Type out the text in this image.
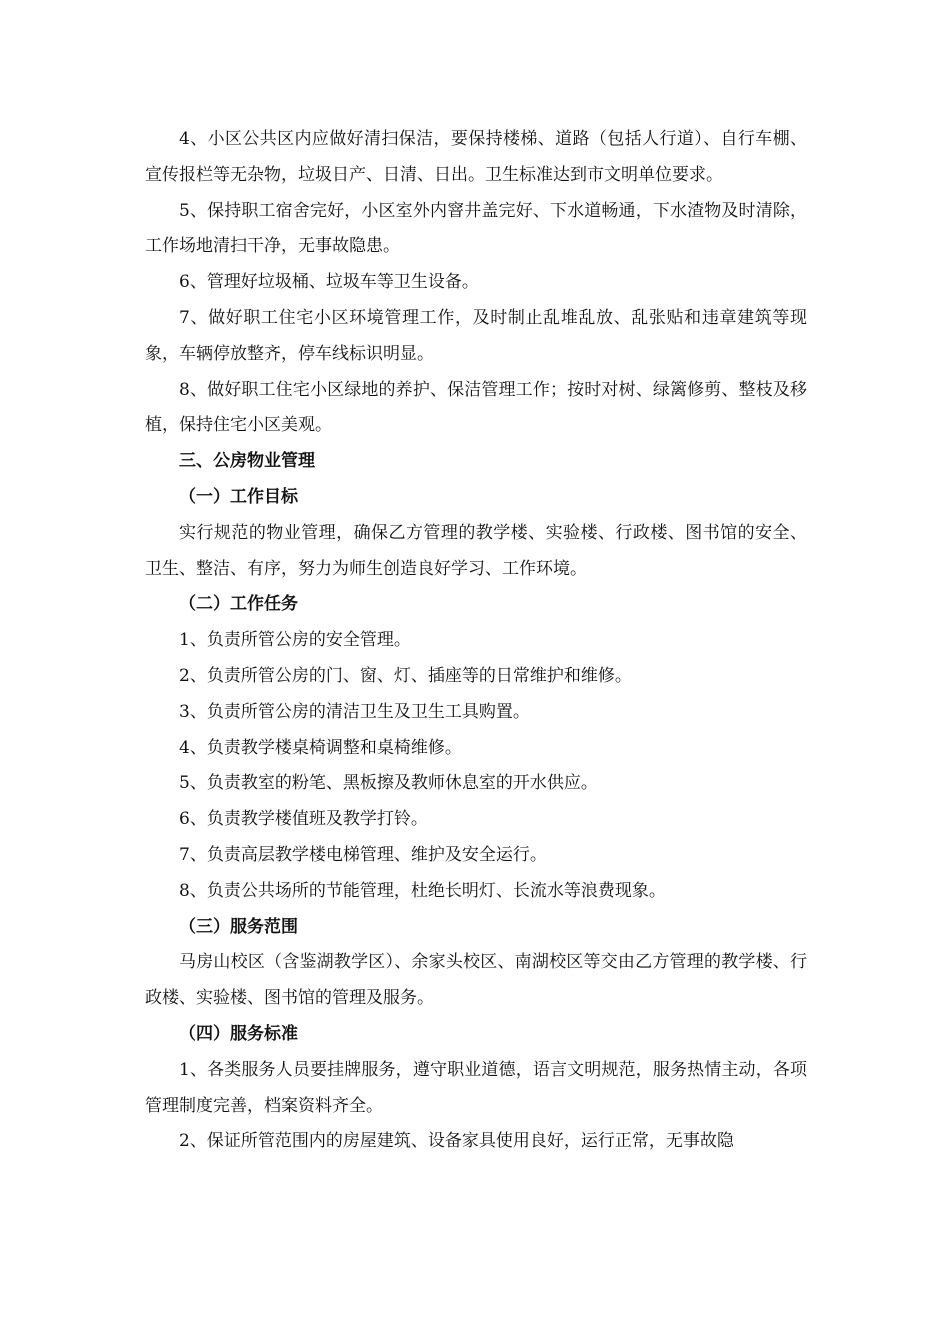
4、小区公共区内应做好清扫保洁，要保持楼梯、道路（包括人行道）、自行车棚、宣传报栏等无杂物，垃圾日产、日清、日出。卫生标准达到市文明单位要求。

5、保持职工宿舍完好，小区室外内窨井盖完好、下水道畅通，下水渣物及时清除，工作场地清扫干净，无事故隐患。

6、管理好垃圾桶、垃圾车等卫生设备。

7、做好职工住宅小区环境管理工作，及时制止乱堆乱放、乱张贴和违章建筑等现象，车辆停放整齐，停车线标识明显。

8、做好职工住宅小区绿地的养护、保洁管理工作；按时对树、绿篱修剪、整枝及移植，保持住宅小区美观。

三、公房物业管理

（一）工作目标

实行规范的物业管理，确保乙方管理的教学楼、实验楼、行政楼、图书馆的安全、卫生、整洁、有序，努力为师生创造良好学习、工作环境。

（二）工作任务

1、负责所管公房的安全管理。

2、负责所管公房的门、窗、灯、插座等的日常维护和维修。

3、负责所管公房的清洁卫生及卫生工具购置。

4、负责教学楼桌椅调整和桌椅维修。

5、负责教室的粉笔、黑板擦及教师休息室的开水供应。

6、负责教学楼值班及教学打铃。

7、负责高层教学楼电梯管理、维护及安全运行。

8、负责公共场所的节能管理，杜绝长明灯、长流水等浪费现象。

（三）服务范围

马房山校区（含鉴湖教学区）、余家头校区、南湖校区等交由乙方管理的教学楼、行政楼、实验楼、图书馆的管理及服务。

（四）服务标准

1、各类服务人员要挂牌服务，遵守职业道德，语言文明规范，服务热情主动，各项管理制度完善，档案资料齐全。

2、保证所管范围内的房屋建筑、设备家具使用良好，运行正常，无事故隐
